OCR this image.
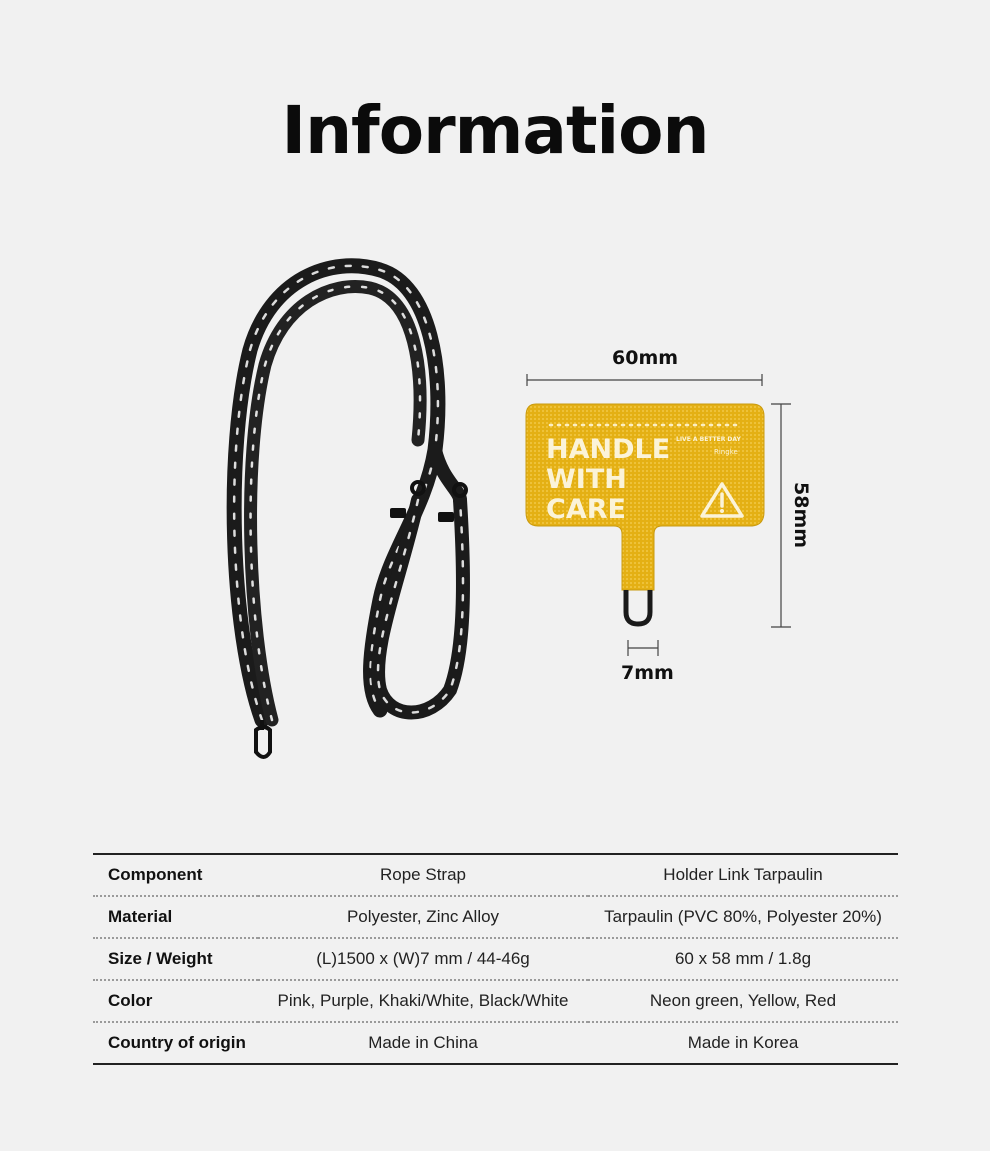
Information
HANDLE
WITH
CARE
LIVE A BETTER DAY
Ringke
60mm
58mm
7mm
Component	Rope Strap	Holder Link Tarpaulin
Material	Polyester, Zinc Alloy	Tarpaulin (PVC 80%, Polyester 20%)
Size / Weight	(L)1500 x (W)7 mm / 44-46g	60 x 58 mm / 1.8g
Color	Pink, Purple, Khaki/White, Black/White	Neon green, Yellow, Red
Country of origin	Made in China	Made in Korea
